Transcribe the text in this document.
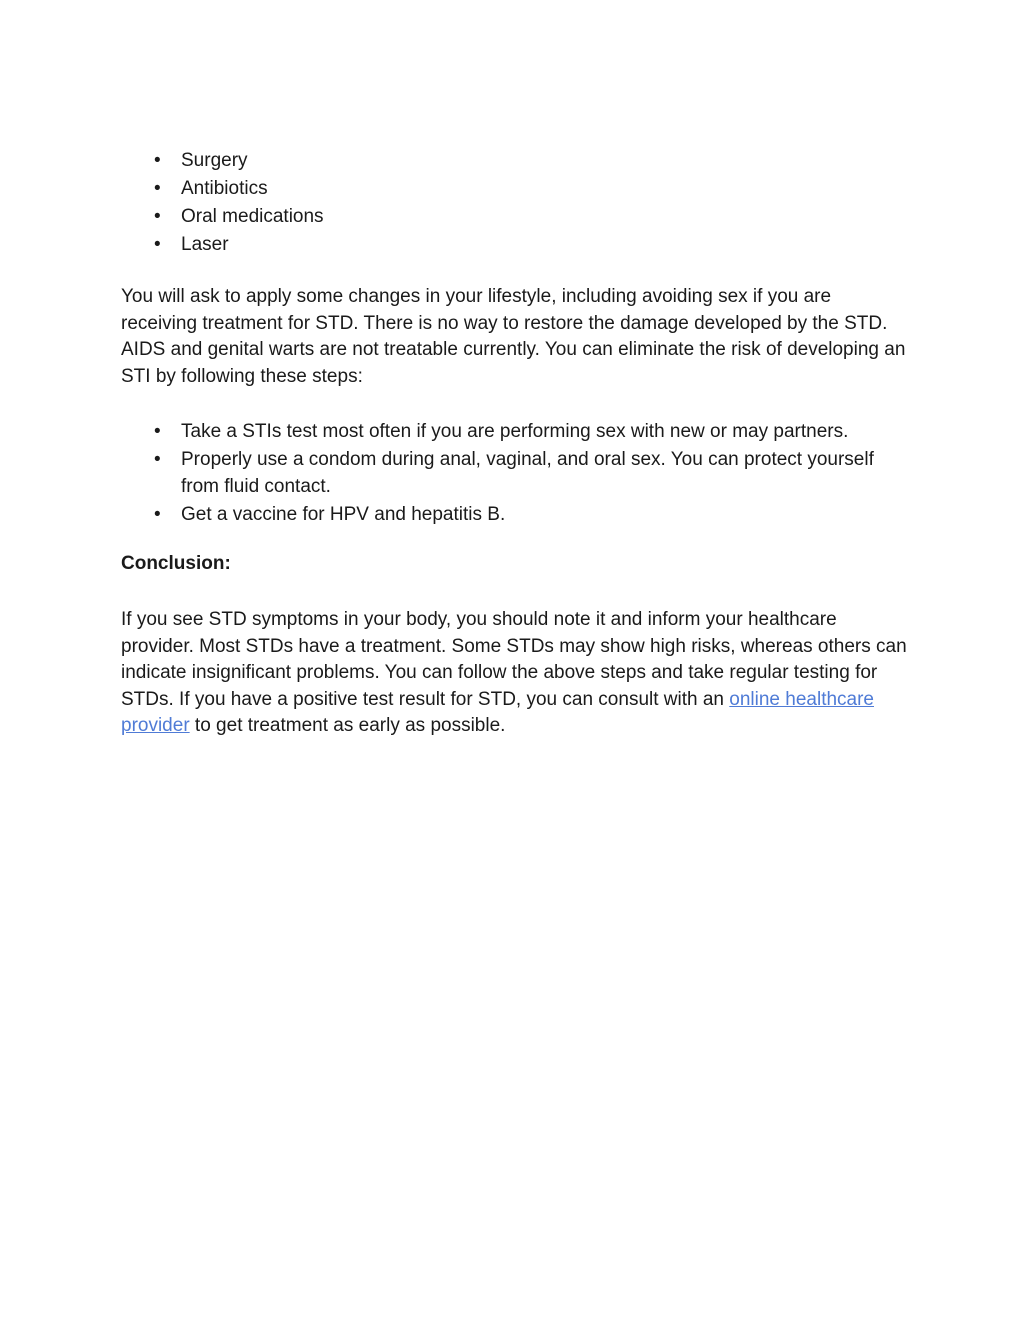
• Surgery
• Antibiotics
• Oral medications
• Laser

You will ask to apply some changes in your lifestyle, including avoiding sex if you are receiving treatment for STD. There is no way to restore the damage developed by the STD. AIDS and genital warts are not treatable currently. You can eliminate the risk of developing an STI by following these steps:

• Take a STIs test most often if you are performing sex with new or may partners.
• Properly use a condom during anal, vaginal, and oral sex. You can protect yourself from fluid contact.
• Get a vaccine for HPV and hepatitis B.
Conclusion:

If you see STD symptoms in your body, you should note it and inform your healthcare provider. Most STDs have a treatment. Some STDs may show high risks, whereas others can indicate insignificant problems. You can follow the above steps and take regular testing for STDs. If you have a positive test result for STD, you can consult with an online healthcare provider to get treatment as early as possible.
